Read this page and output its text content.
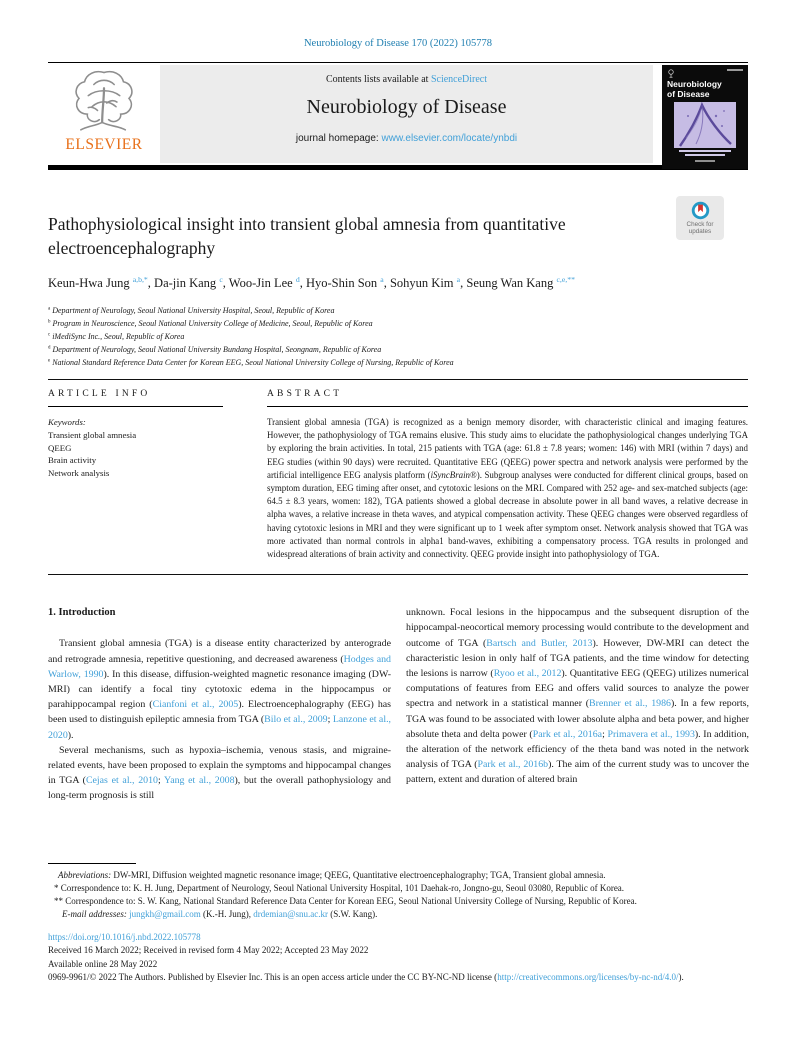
Neurobiology of Disease 170 (2022) 105778
ELSEVIER
Contents lists available at ScienceDirect
Neurobiology of Disease
journal homepage: www.elsevier.com/locate/ynbdi
Neurobiology
of Disease
Pathophysiological insight into transient global amnesia from quantitative electroencephalography
Check for
updates
Keun-Hwa Jung $^{a,b,*}$, Da-jin Kang $^c$, Woo-Jin Lee $^d$, Hyo-Shin Son $^a$, Sohyun Kim $^a$, Seung Wan Kang $^{c,e,**}$
$^a$ Department of Neurology, Seoul National University Hospital, Seoul, Republic of Korea
$^b$ Program in Neuroscience, Seoul National University College of Medicine, Seoul, Republic of Korea
$^c$ iMediSync Inc., Seoul, Republic of Korea
$^d$ Department of Neurology, Seoul National University Bundang Hospital, Seongnam, Republic of Korea
$^e$ National Standard Reference Data Center for Korean EEG, Seoul National University College of Nursing, Republic of Korea
ARTICLE INFO
Keywords:
Transient global amnesia
QEEG
Brain activity
Network analysis
ABSTRACT
Transient global amnesia (TGA) is recognized as a benign memory disorder, with characteristic clinical and imaging features. However, the pathophysiology of TGA remains elusive. This study aims to elucidate the pathophysiological changes underlying TGA by exploring the brain activities. In total, 215 patients with TGA (age: 61.8 ± 7.8 years; women: 146) with MRI (within 7 days) and EEG studies (within 90 days) were recruited. Quantitative EEG (QEEG) power spectra and network analysis were performed by the artificial intelligence EEG analysis platform (iSyncBrain®). Subgroup analyses were conducted for different clinical groups, based on symptom duration, EEG timing after onset, and cytotoxic lesions on the MRI. Compared with 252 age- and sex-matched subjects (age: 64.5 ± 8.3 years, women: 182), TGA patients showed a global decrease in absolute power in all band waves, a relative decrease in alpha waves, a relative increase in theta waves, and atypical compensation activity. These QEEG changes were observed regardless of having cytotoxic lesions in MRI and they were significant up to 1 week after symptom onset. Network analysis showed that TGA was more activated than normal controls in alpha1 band-waves, exhibiting a compensatory process. TGA results in prolonged and widespread alterations of brain activity and connectivity. QEEG provide insight into pathophysiology of TGA.
1. Introduction

Transient global amnesia (TGA) is a disease entity characterized by anterograde and retrograde amnesia, repetitive questioning, and decreased awareness (Hodges and Warlow, 1990). In this disease, diffusion-weighted magnetic resonance imaging (DW-MRI) can identify a focal tiny cytotoxic edema in the hippocampus or parahippocampal region (Cianfoni et al., 2005). Electroencephalography (EEG) has been used to distinguish epileptic amnesia from TGA (Bilo et al., 2009; Lanzone et al., 2020).

Several mechanisms, such as hypoxia–ischemia, venous stasis, and migraine-related events, have been proposed to explain the symptoms and hippocampal changes in TGA (Cejas et al., 2010; Yang et al., 2008), but the overall pathophysiology and long-term prognosis is still

unknown. Focal lesions in the hippocampus and the subsequent disruption of the hippocampal-neocortical memory processing would contribute to the development and outcome of TGA (Bartsch and Butler, 2013). However, DW-MRI can detect the characteristic lesion in only half of TGA patients, and the time window for detecting the lesions is narrow (Ryoo et al., 2012). Quantitative EEG (QEEG) utilizes numerical computations of features from EEG and offers valid sources to analyze the power spectra and network in a statistical manner (Brenner et al., 1986). In a few reports, TGA was found to be associated with lower absolute alpha and beta power, and higher absolute theta and delta power (Park et al., 2016a; Primavera et al., 1993). In addition, the alteration of the network efficiency of the theta band was noted in the network analysis of TGA (Park et al., 2016b). The aim of the current study was to uncover the pattern, extent and duration of altered brain

Abbreviations: DW-MRI, Diffusion weighted magnetic resonance image; QEEG, Quantitative electroencephalography; TGA, Transient global amnesia.
* Correspondence to: K. H. Jung, Department of Neurology, Seoul National University Hospital, 101 Daehak-ro, Jongno-gu, Seoul 03080, Republic of Korea.
** Correspondence to: S. W. Kang, National Standard Reference Data Center for Korean EEG, Seoul National University College of Nursing, Republic of Korea.
E-mail addresses: jungkh@gmail.com (K.-H. Jung), drdemian@snu.ac.kr (S.W. Kang).
https://doi.org/10.1016/j.nbd.2022.105778
Received 16 March 2022; Received in revised form 4 May 2022; Accepted 23 May 2022
Available online 28 May 2022
0969-9961/© 2022 The Authors. Published by Elsevier Inc. This is an open access article under the CC BY-NC-ND license (http://creativecommons.org/licenses/by-nc-nd/4.0/).
